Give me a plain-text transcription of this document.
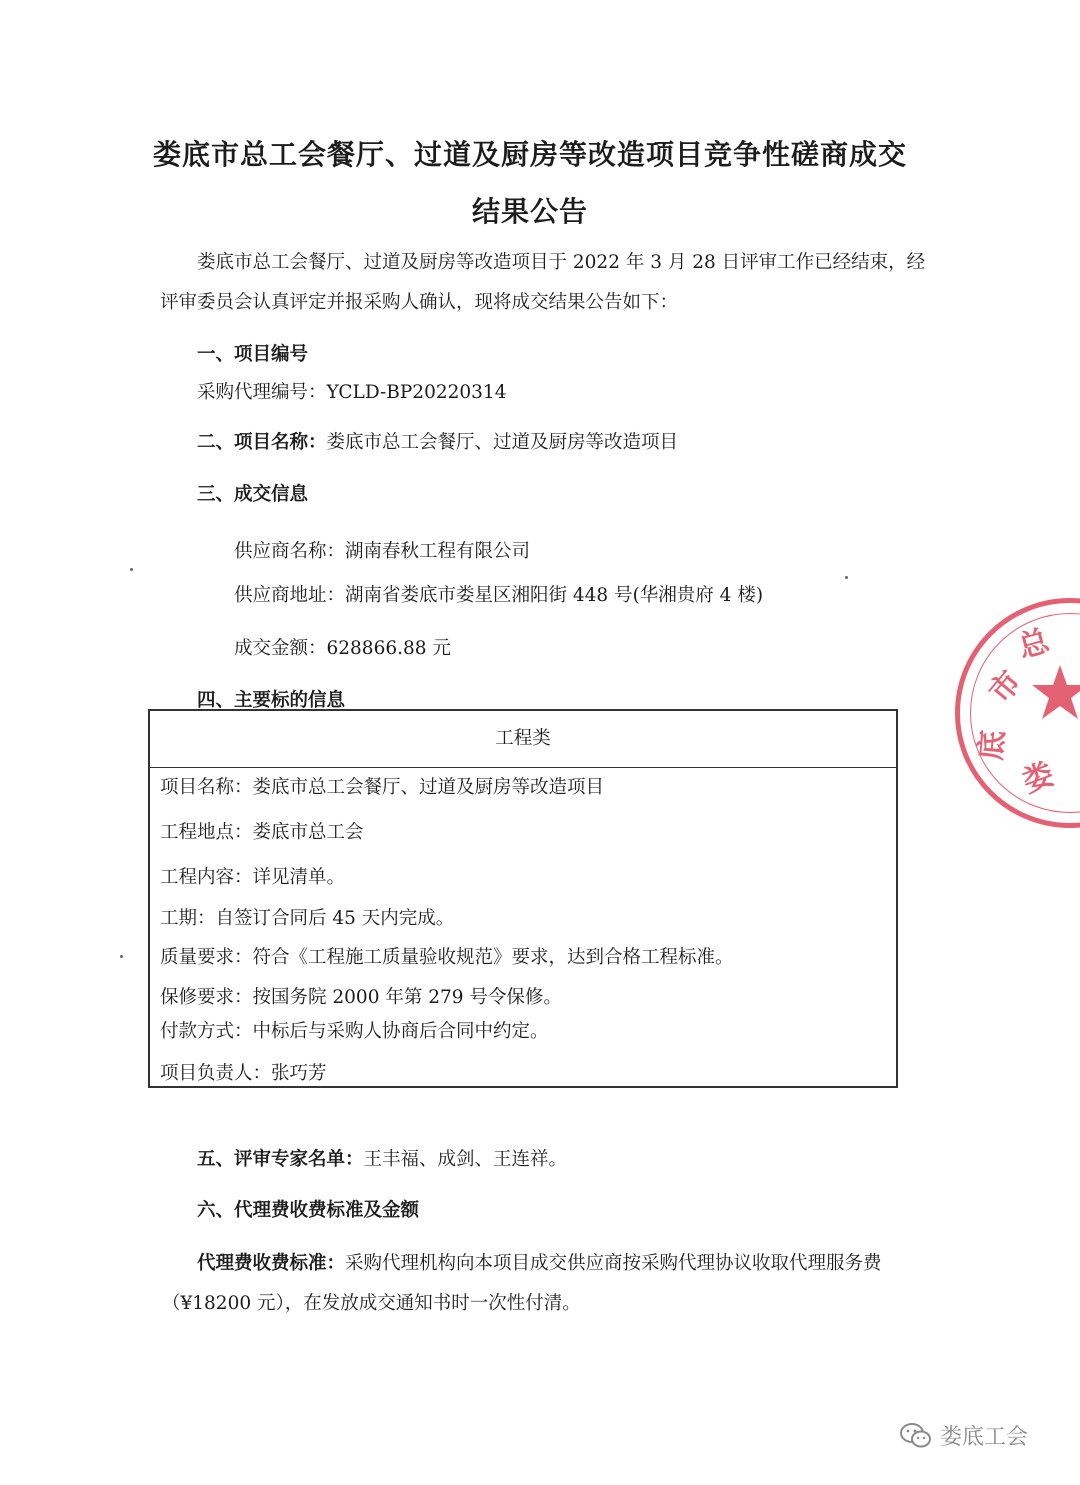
娄底市总工会餐厅、过道及厨房等改造项目竞争性磋商成交
结果公告
娄底市总工会餐厅、过道及厨房等改造项目于 2022 年 3 月 28 日评审工作已经结束，经
评审委员会认真评定并报采购人确认，现将成交结果公告如下：
一、项目编号
采购代理编号：YCLD-BP20220314
二、项目名称：娄底市总工会餐厅、过道及厨房等改造项目
三、成交信息
供应商名称：湖南春秋工程有限公司
供应商地址：湖南省娄底市娄星区湘阳街 448 号(华湘贵府 4 楼)
成交金额：628866.88 元
四、主要标的信息
工程类
项目名称：娄底市总工会餐厅、过道及厨房等改造项目
工程地点：娄底市总工会
工程内容：详见清单。
工期：自签订合同后 45 天内完成。
质量要求：符合《工程施工质量验收规范》要求，达到合格工程标准。
保修要求：按国务院 2000 年第 279 号令保修。
付款方式：中标后与采购人协商后合同中约定。
项目负责人：张巧芳
五、评审专家名单：王丰福、成剑、王连祥。
六、代理费收费标准及金额
代理费收费标准：采购代理机构向本项目成交供应商按采购代理协议收取代理服务费
（¥18200 元），在发放成交通知书时一次性付清。
市
总
底
娄
娄底工会
